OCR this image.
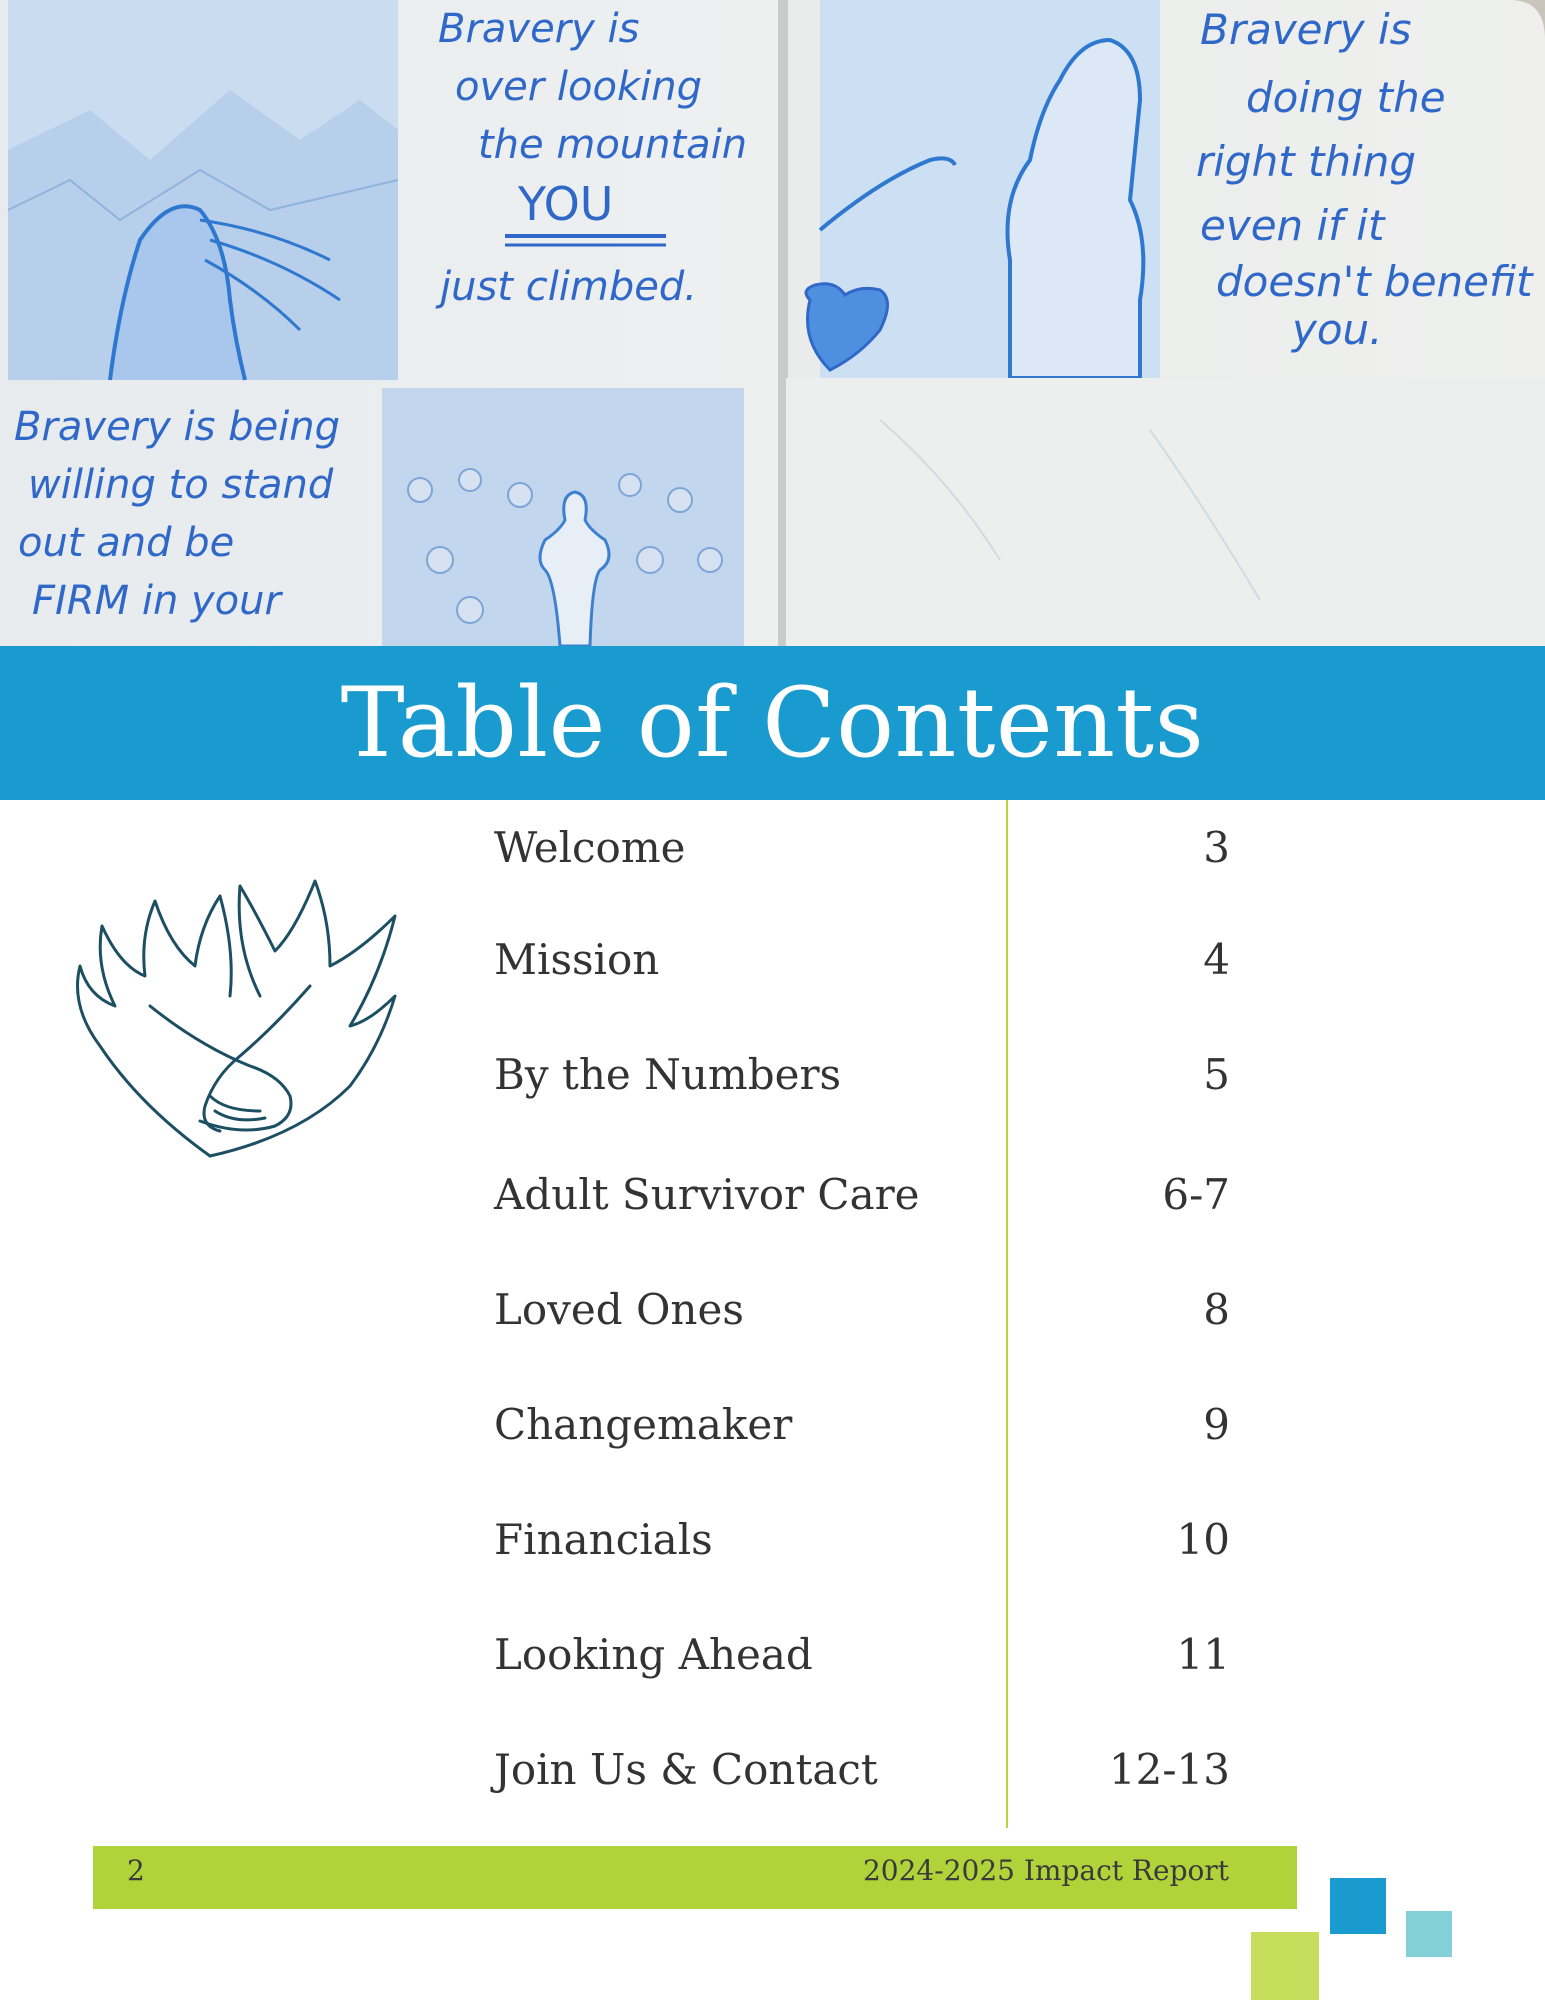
Bravery is
over looking
the mountain
YOU
just climbed.
Bravery is being
willing to stand
out and be
FIRM in your
Bravery is
doing the
right thing
even if it
doesn't benefit
you.
Table of Contents
Welcome	3
Mission	4
By the Numbers	5
Adult Survivor Care	6-7
Loved Ones	8
Changemaker	9
Financials	10
Looking Ahead	11
Join Us & Contact	12-13
2	2024-2025 Impact Report
